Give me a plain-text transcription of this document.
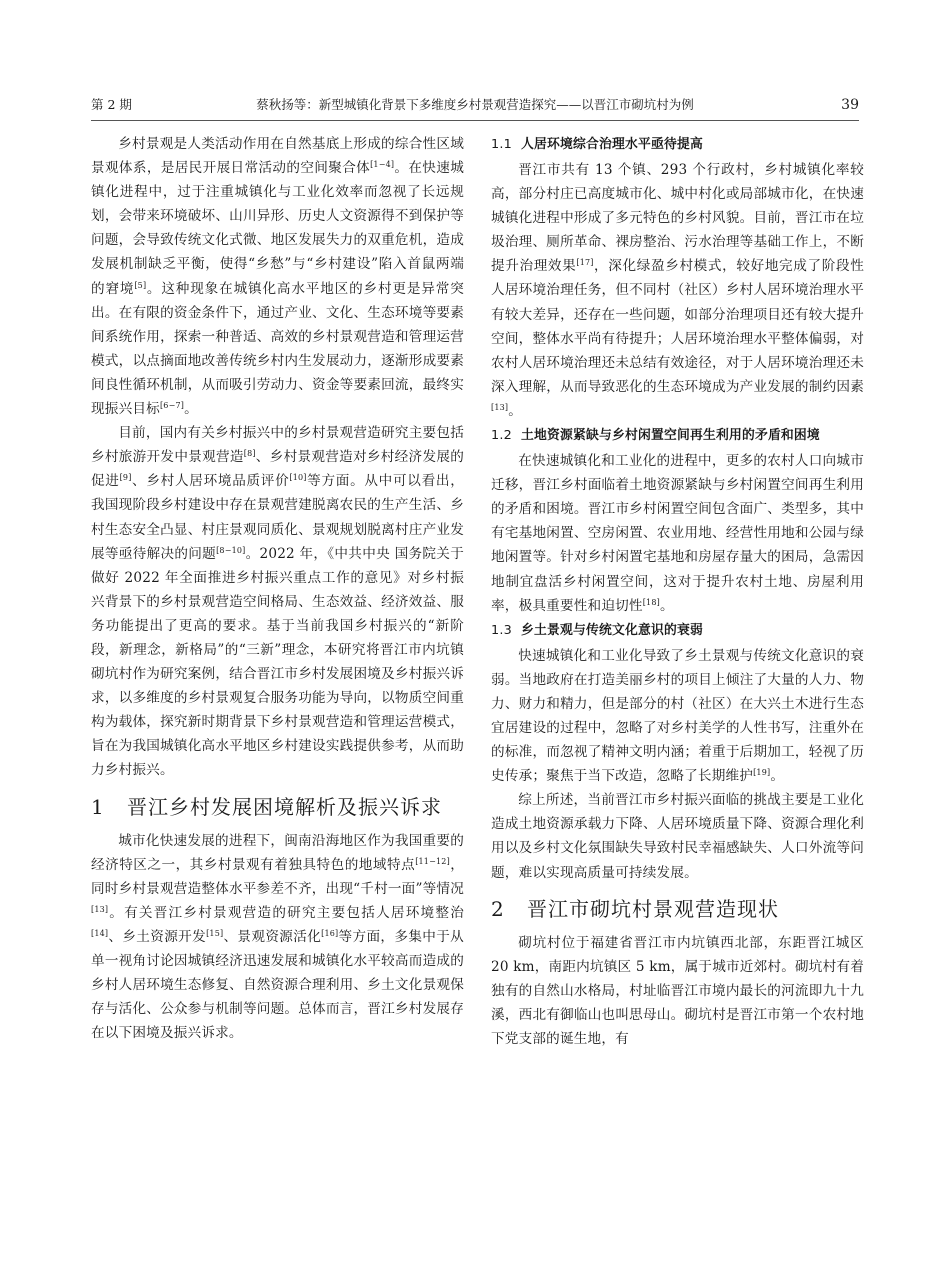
第 2 期	蔡秋扬等：新型城镇化背景下多维度乡村景观营造探究——以晋江市砌坑村为例	39

乡村景观是人类活动作用在自然基底上形成的综合性区域景观体系，是居民开展日常活动的空间聚合体[1−4]。在快速城镇化进程中，过于注重城镇化与工业化效率而忽视了长远规划，会带来环境破坏、山川异形、历史人文资源得不到保护等问题，会导致传统文化式微、地区发展失力的双重危机，造成发展机制缺乏平衡，使得“乡愁”与“乡村建设”陷入首鼠两端的窘境[5]。这种现象在城镇化高水平地区的乡村更是异常突出。在有限的资金条件下，通过产业、文化、生态环境等要素间系统作用，探索一种普适、高效的乡村景观营造和管理运营模式，以点摘面地改善传统乡村内生发展动力，逐渐形成要素间良性循环机制，从而吸引劳动力、资金等要素回流，最终实现振兴目标[6−7]。

目前，国内有关乡村振兴中的乡村景观营造研究主要包括乡村旅游开发中景观营造[8]、乡村景观营造对乡村经济发展的促进[9]、乡村人居环境品质评价[10]等方面。从中可以看出，我国现阶段乡村建设中存在景观营建脱离农民的生产生活、乡村生态安全凸显、村庄景观同质化、景观规划脱离村庄产业发展等亟待解决的问题[8−10]。2022 年，《中共中央 国务院关于做好 2022 年全面推进乡村振兴重点工作的意见》对乡村振兴背景下的乡村景观营造空间格局、生态效益、经济效益、服务功能提出了更高的要求。基于当前我国乡村振兴的“新阶段，新理念，新格局”的“三新”理念，本研究将晋江市内坑镇砌坑村作为研究案例，结合晋江市乡村发展困境及乡村振兴诉求，以多维度的乡村景观复合服务功能为导向，以物质空间重构为载体，探究新时期背景下乡村景观营造和管理运营模式，旨在为我国城镇化高水平地区乡村建设实践提供参考，从而助力乡村振兴。

1 晋江乡村发展困境解析及振兴诉求

城市化快速发展的进程下，闽南沿海地区作为我国重要的经济特区之一，其乡村景观有着独具特色的地域特点[11−12]，同时乡村景观营造整体水平参差不齐，出现“千村一面”等情况[13]。有关晋江乡村景观营造的研究主要包括人居环境整治[14]、乡土资源开发[15]、景观资源活化[16]等方面，多集中于从单一视角讨论因城镇经济迅速发展和城镇化水平较高而造成的乡村人居环境生态修复、自然资源合理利用、乡土文化景观保存与活化、公众参与机制等问题。总体而言，晋江乡村发展存在以下困境及振兴诉求。

1.1 人居环境综合治理水平亟待提高

晋江市共有 13 个镇、293 个行政村，乡村城镇化率较高，部分村庄已高度城市化、城中村化或局部城市化，在快速城镇化进程中形成了多元特色的乡村风貌。目前，晋江市在垃圾治理、厕所革命、裸房整治、污水治理等基础工作上，不断提升治理效果[17]，深化绿盈乡村模式，较好地完成了阶段性人居环境治理任务，但不同村（社区）乡村人居环境治理水平有较大差异，还存在一些问题，如部分治理项目还有较大提升空间，整体水平尚有待提升；人居环境治理水平整体偏弱，对农村人居环境治理还未总结有效途径，对于人居环境治理还未深入理解，从而导致恶化的生态环境成为产业发展的制约因素[13]。

1.2 土地资源紧缺与乡村闲置空间再生利用的矛盾和困境

在快速城镇化和工业化的进程中，更多的农村人口向城市迁移，晋江乡村面临着土地资源紧缺与乡村闲置空间再生利用的矛盾和困境。晋江市乡村闲置空间包含面广、类型多，其中有宅基地闲置、空房闲置、农业用地、经营性用地和公园与绿地闲置等。针对乡村闲置宅基地和房屋存量大的困局，急需因地制宜盘活乡村闲置空间，这对于提升农村土地、房屋利用率，极具重要性和迫切性[18]。

1.3 乡土景观与传统文化意识的衰弱

快速城镇化和工业化导致了乡土景观与传统文化意识的衰弱。当地政府在打造美丽乡村的项目上倾注了大量的人力、物力、财力和精力，但是部分的村（社区）在大兴土木进行生态宜居建设的过程中，忽略了对乡村美学的人性书写，注重外在的标准，而忽视了精神文明内涵；着重于后期加工，轻视了历史传承；聚焦于当下改造，忽略了长期维护[19]。

综上所述，当前晋江市乡村振兴面临的挑战主要是工业化造成土地资源承载力下降、人居环境质量下降、资源合理化利用以及乡村文化氛围缺失导致村民幸福感缺失、人口外流等问题，难以实现高质量可持续发展。

2 晋江市砌坑村景观营造现状

砌坑村位于福建省晋江市内坑镇西北部，东距晋江城区 20 km，南距内坑镇区 5 km，属于城市近郊村。砌坑村有着独有的自然山水格局，村址临晋江市境内最长的河流即九十九溪，西北有御临山也叫思母山。砌坑村是晋江市第一个农村地下党支部的诞生地，有
